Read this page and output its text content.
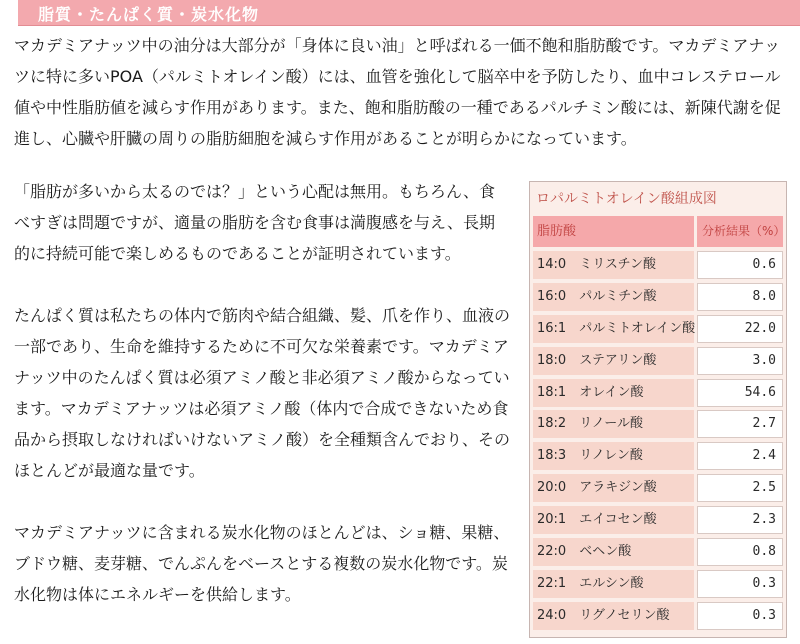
脂質・たんぱく質・炭水化物

マカデミアナッツ中の油分は大部分が「身体に良い油」と呼ばれる一価不飽和脂肪酸です。マカデミアナッツに特に多いPOA（パルミトオレイン酸）には、血管を強化して脳卒中を予防したり、血中コレステロール値や中性脂肪値を減らす作用があります。また、飽和脂肪酸の一種であるパルチミン酸には、新陳代謝を促進し、心臓や肝臓の周りの脂肪細胞を減らす作用があることが明らかになっています。

「脂肪が多いから太るのでは？」という心配は無用。もちろん、食べすぎは問題ですが、適量の脂肪を含む食事は満腹感を与え、長期的に持続可能で楽しめるものであることが証明されています。

たんぱく質は私たちの体内で筋肉や結合組織、髪、爪を作り、血液の一部であり、生命を維持するために不可欠な栄養素です。マカデミアナッツ中のたんぱく質は必須アミノ酸と非必須アミノ酸からなっています。マカデミアナッツは必須アミノ酸（体内で合成できないため食品から摂取しなければいけないアミノ酸）を全種類含んでおり、そのほとんどが最適な量です。

マカデミアナッツに含まれる炭水化物のほとんどは、ショ糖、果糖、ブドウ糖、麦芽糖、でんぷんをベースとする複数の炭水化物です。炭水化物は体にエネルギーを供給します。

ロパルミトオレイン酸組成図
脂肪酸	分析結果（%）
14:0　ミリスチン酸	0.6
16:0　パルミチン酸	8.0
16:1　パルミトオレイン酸	22.0
18:0　ステアリン酸	3.0
18:1　オレイン酸	54.6
18:2　リノール酸	2.7
18:3　リノレン酸	2.4
20:0　アラキジン酸	2.5
20:1　エイコセン酸	2.3
22:0　ベヘン酸	0.8
22:1　エルシン酸	0.3
24:0　リグノセリン酸	0.3
